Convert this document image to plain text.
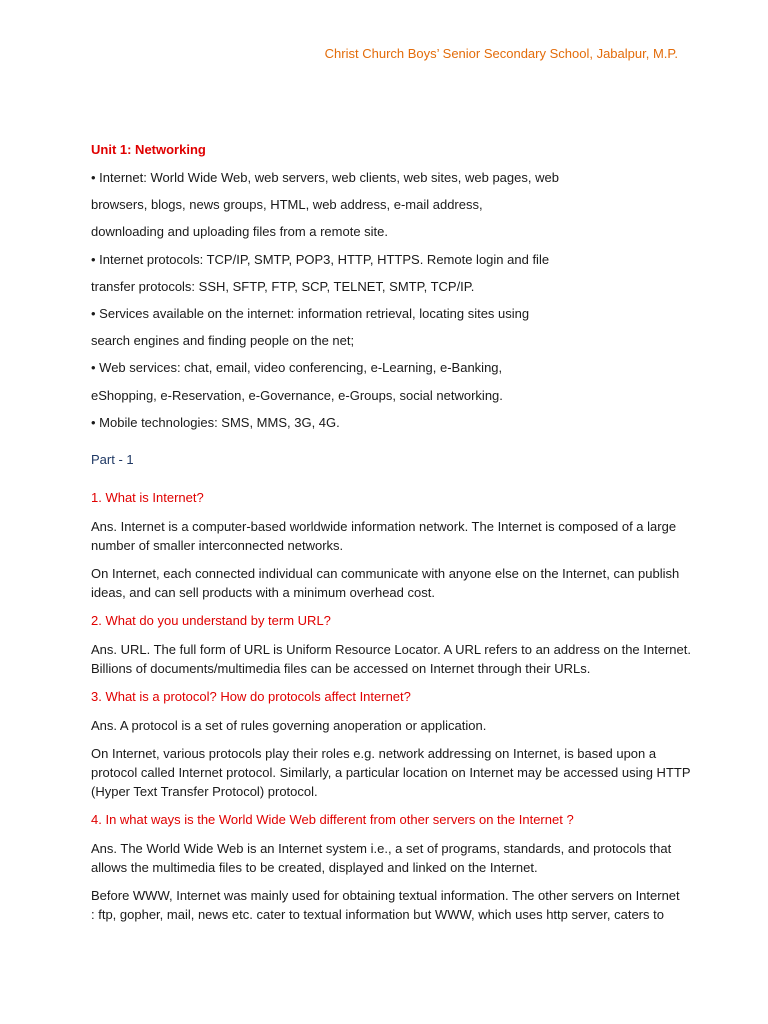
Christ Church Boys’ Senior Secondary School, Jabalpur, M.P.
Unit 1: Networking
• Internet: World Wide Web, web servers, web clients, web sites, web pages, web
browsers, blogs, news groups, HTML, web address, e-mail address,
downloading and uploading files from a remote site.
• Internet protocols: TCP/IP, SMTP, POP3, HTTP, HTTPS. Remote login and file
transfer protocols: SSH, SFTP, FTP, SCP, TELNET, SMTP, TCP/IP.
• Services available on the internet: information retrieval, locating sites using
search engines and finding people on the net;
• Web services: chat, email, video conferencing, e-Learning, e-Banking,
eShopping, e-Reservation, e-Governance, e-Groups, social networking.
• Mobile technologies: SMS, MMS, 3G, 4G.
Part - 1
1. What is Internet?
Ans. Internet is a computer-based worldwide information network. The Internet is composed of a large
number of smaller interconnected networks.
On Internet, each connected individual can communicate with anyone else on the Internet, can publish
ideas, and can sell products with a minimum overhead cost.
2. What do you understand by term URL?
Ans. URL. The full form of URL is Uniform Resource Locator. A URL refers to an address on the Internet.
Billions of documents/multimedia files can be accessed on Internet through their URLs.
3. What is a protocol? How do protocols affect Internet?
Ans. A protocol is a set of rules governing anoperation or application.
On Internet, various protocols play their roles e.g. network addressing on Internet, is based upon a
protocol called Internet protocol. Similarly, a particular location on Internet may be accessed using HTTP
(Hyper Text Transfer Protocol) protocol.
4. In what ways is the World Wide Web different from other servers on the Internet ?
Ans. The World Wide Web is an Internet system i.e., a set of programs, standards, and protocols that
allows the multimedia files to be created, displayed and linked on the Internet.
Before WWW, Internet was mainly used for obtaining textual information. The other servers on Internet
: ftp, gopher, mail, news etc. cater to textual information but WWW, which uses http server, caters to
